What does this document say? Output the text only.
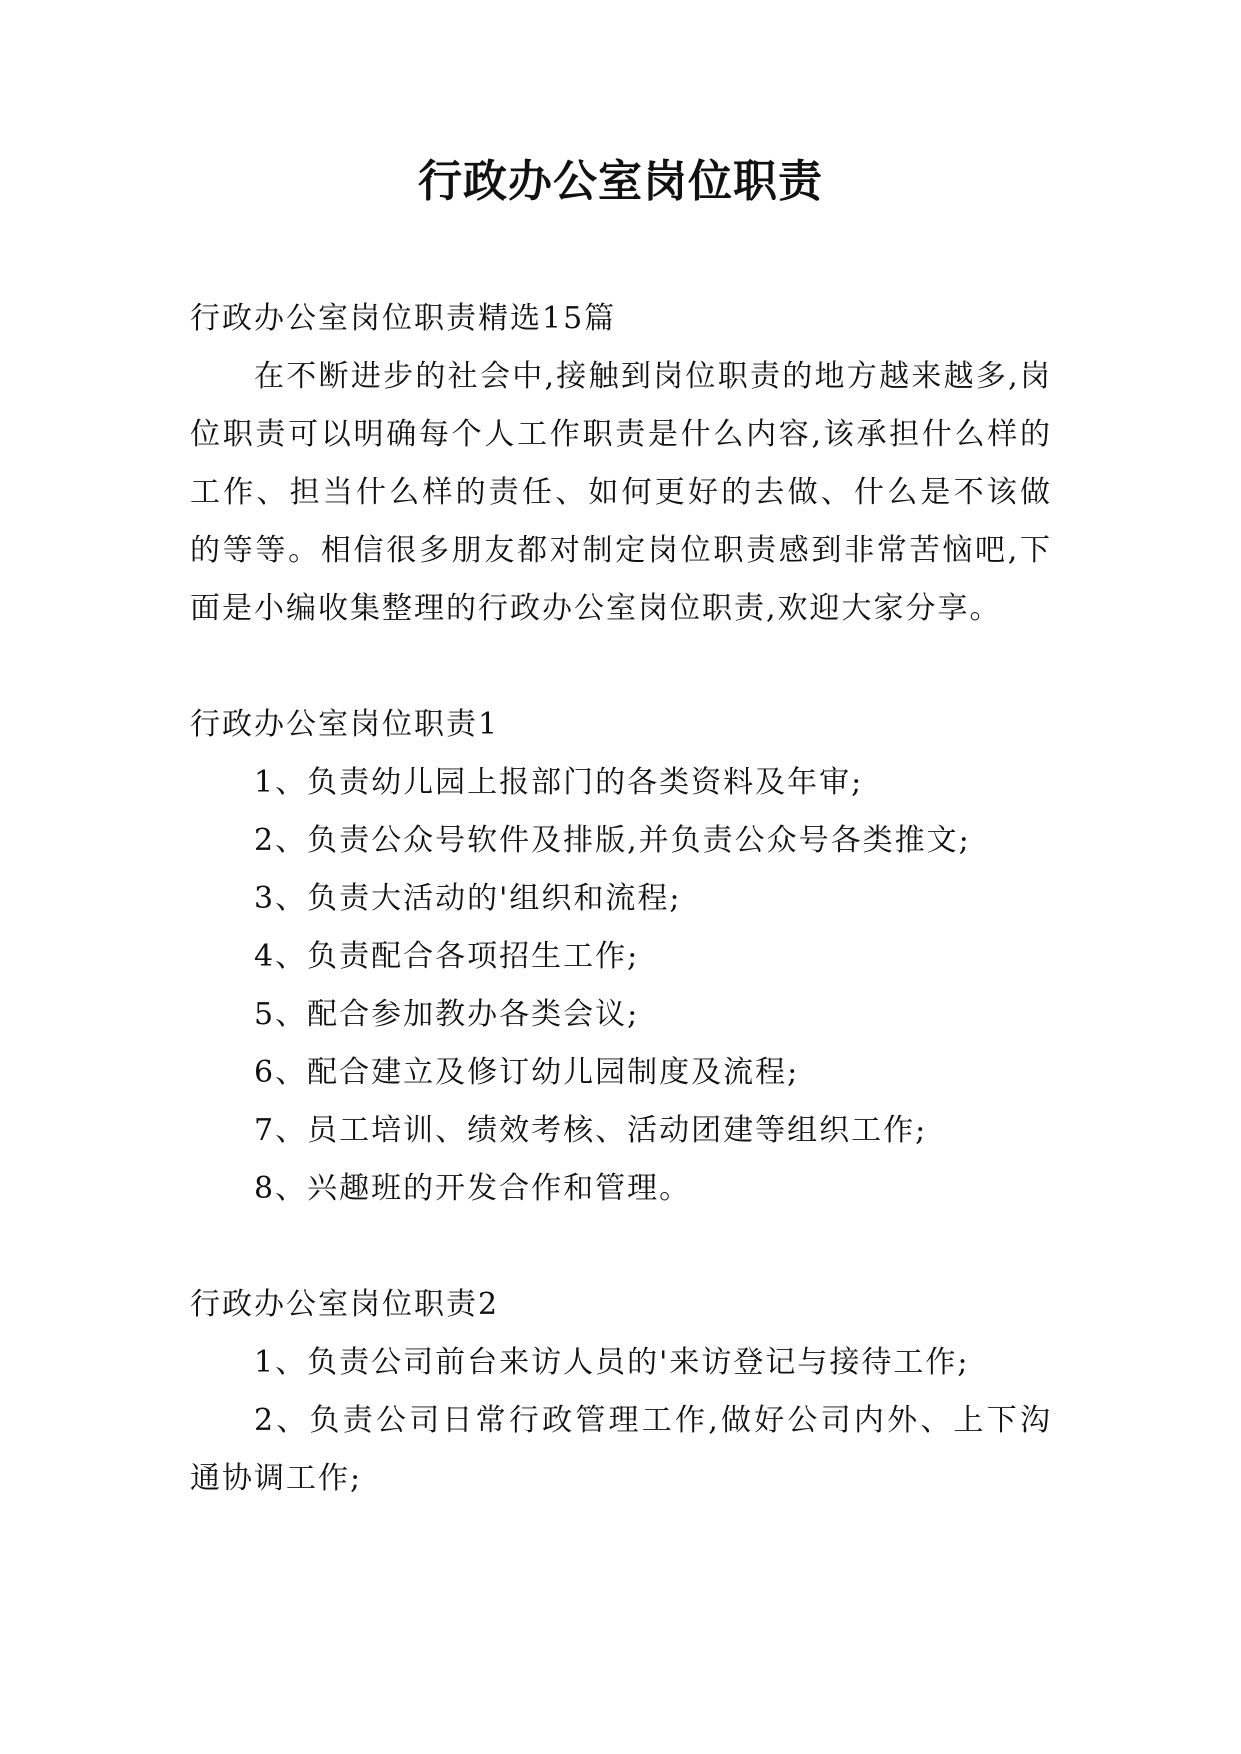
行政办公室岗位职责
行政办公室岗位职责精选15篇
在不断进步的社会中,接触到岗位职责的地方越来越多,岗位职责可以明确每个人工作职责是什么内容,该承担什么样的工作、担当什么样的责任、如何更好的去做、什么是不该做的等等。相信很多朋友都对制定岗位职责感到非常苦恼吧,下面是小编收集整理的行政办公室岗位职责,欢迎大家分享。
行政办公室岗位职责1
1、负责幼儿园上报部门的各类资料及年审;
2、负责公众号软件及排版,并负责公众号各类推文;
3、负责大活动的'组织和流程;
4、负责配合各项招生工作;
5、配合参加教办各类会议;
6、配合建立及修订幼儿园制度及流程;
7、员工培训、绩效考核、活动团建等组织工作;
8、兴趣班的开发合作和管理。
行政办公室岗位职责2
1、负责公司前台来访人员的'来访登记与接待工作;
2、负责公司日常行政管理工作,做好公司内外、上下沟通协调工作;
